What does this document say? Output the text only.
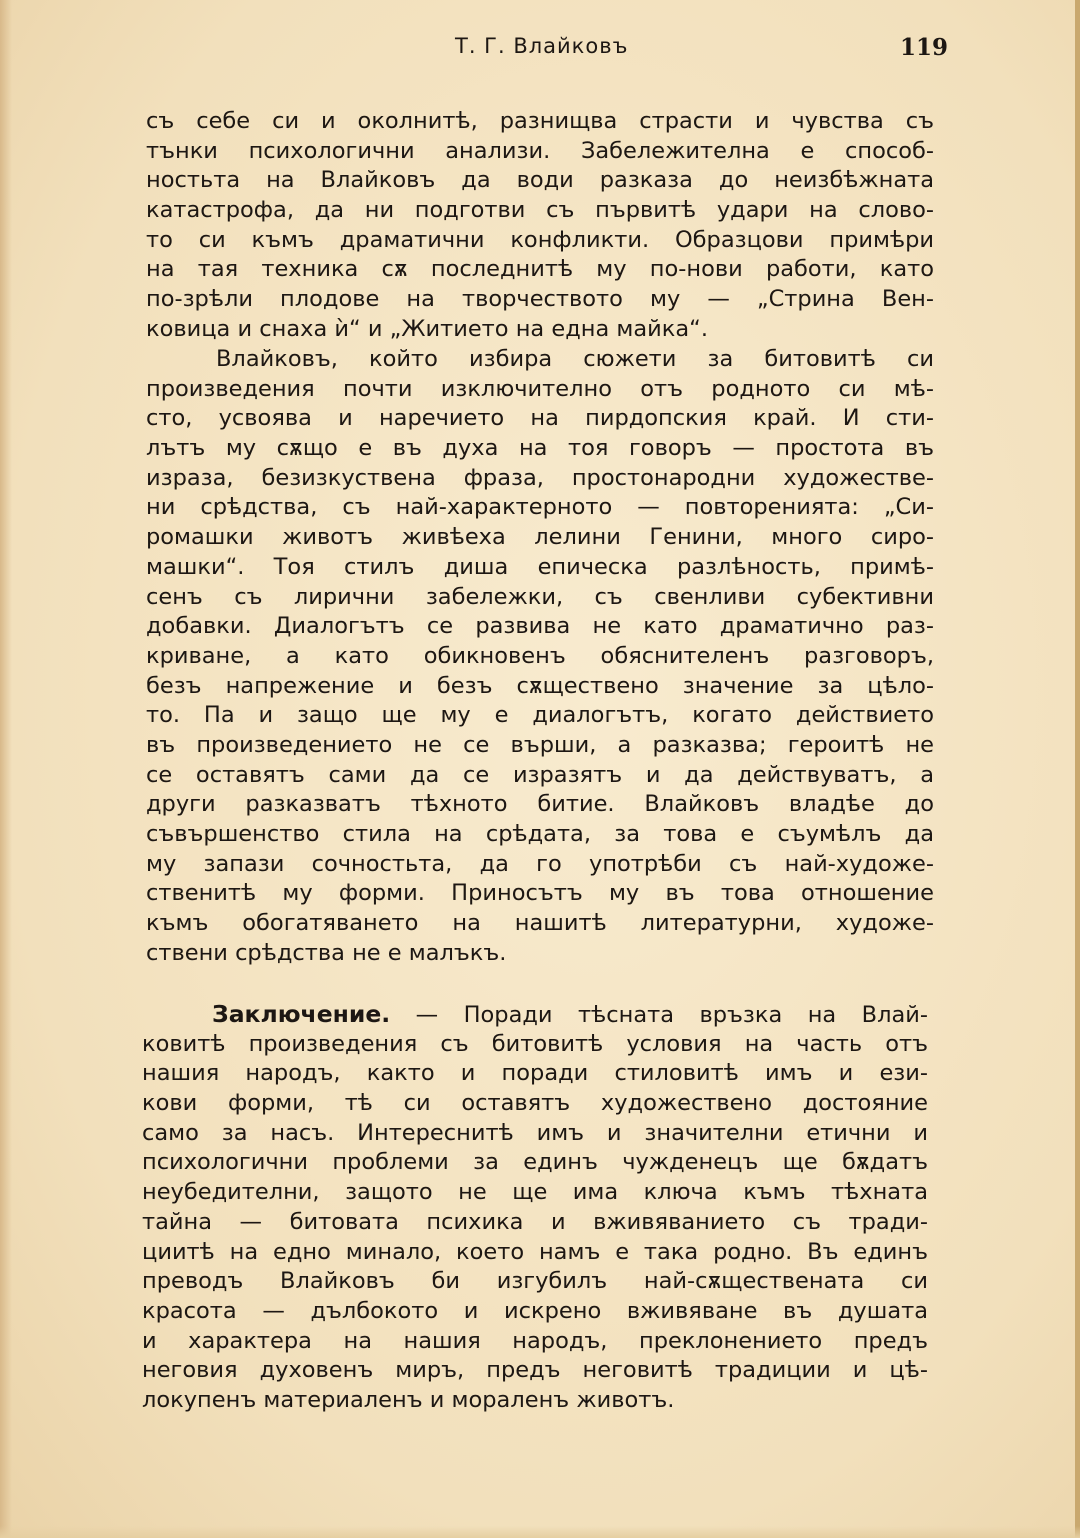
Т. Г. Влайковъ	119
съ себе си и околнитѣ, разнищва страсти и чувства съ
тънки психологични анализи. Забележителна е способ-
ностьта на Влайковъ да води разказа до неизбѣжната
катастрофа, да ни подготви съ първитѣ удари на слово-
то си къмъ драматични конфликти. Образцови примѣри
на тая техника сѫ последнитѣ му по-нови работи, като
по-зрѣли плодове на творчеството му — „Стрина Вен-
ковица и снаха ѝ“ и „Житието на една майка“.
Влайковъ, който избира сюжети за битовитѣ си
произведения почти изключително отъ родното си мѣ-
сто, усвоява и наречието на пирдопския край. И сти-
лътъ му сѫщо е въ духа на тоя говоръ — простота въ
израза, безизкуствена фраза, простонародни художестве-
ни срѣдства, съ най-характерното — повторенията: „Си-
ромашки животъ живѣеха лелини Генини, много сиро-
машки“. Тоя стилъ диша епическа разлѣность, примѣ-
сенъ съ лирични забележки, съ свенливи субективни
добавки. Диалогътъ се развива не като драматично раз-
криване, а като обикновенъ обяснителенъ разговоръ,
безъ напрежение и безъ сѫществено значение за цѣло-
то. Па и защо ще му е диалогътъ, когато действието
въ произведението не се върши, а разказва; героитѣ не
се оставятъ сами да се изразятъ и да действуватъ, а
други разказватъ тѣхното битие. Влайковъ владѣе до
съвършенство стила на срѣдата, за това е съумѣлъ да
му запази сочностьта, да го употрѣби съ най-художе-
ственитѣ му форми. Приносътъ му въ това отношение
къмъ обогатяването на нашитѣ литературни, художе-
ствени срѣдства не е малъкъ.
Заключение. — Поради тѣсната връзка на Влай-
ковитѣ произведения съ битовитѣ условия на часть отъ
нашия народъ, както и поради стиловитѣ имъ и ези-
кови форми, тѣ си оставятъ художествено достояние
само за насъ. Интереснитѣ имъ и значителни етични и
психологични проблеми за единъ чужденецъ ще бѫдатъ
неубедителни, защото не ще има ключа къмъ тѣхната
тайна — битовата психика и вживяванието съ тради-
циитѣ на едно минало, което намъ е така родно. Въ единъ
преводъ Влайковъ би изгубилъ най-сѫществената си
красота — дълбокото и искрено вживяване въ душата
и характера на нашия народъ, преклонението предъ
неговия духовенъ миръ, предъ неговитѣ традиции и цѣ-
локупенъ материаленъ и мораленъ животъ.
